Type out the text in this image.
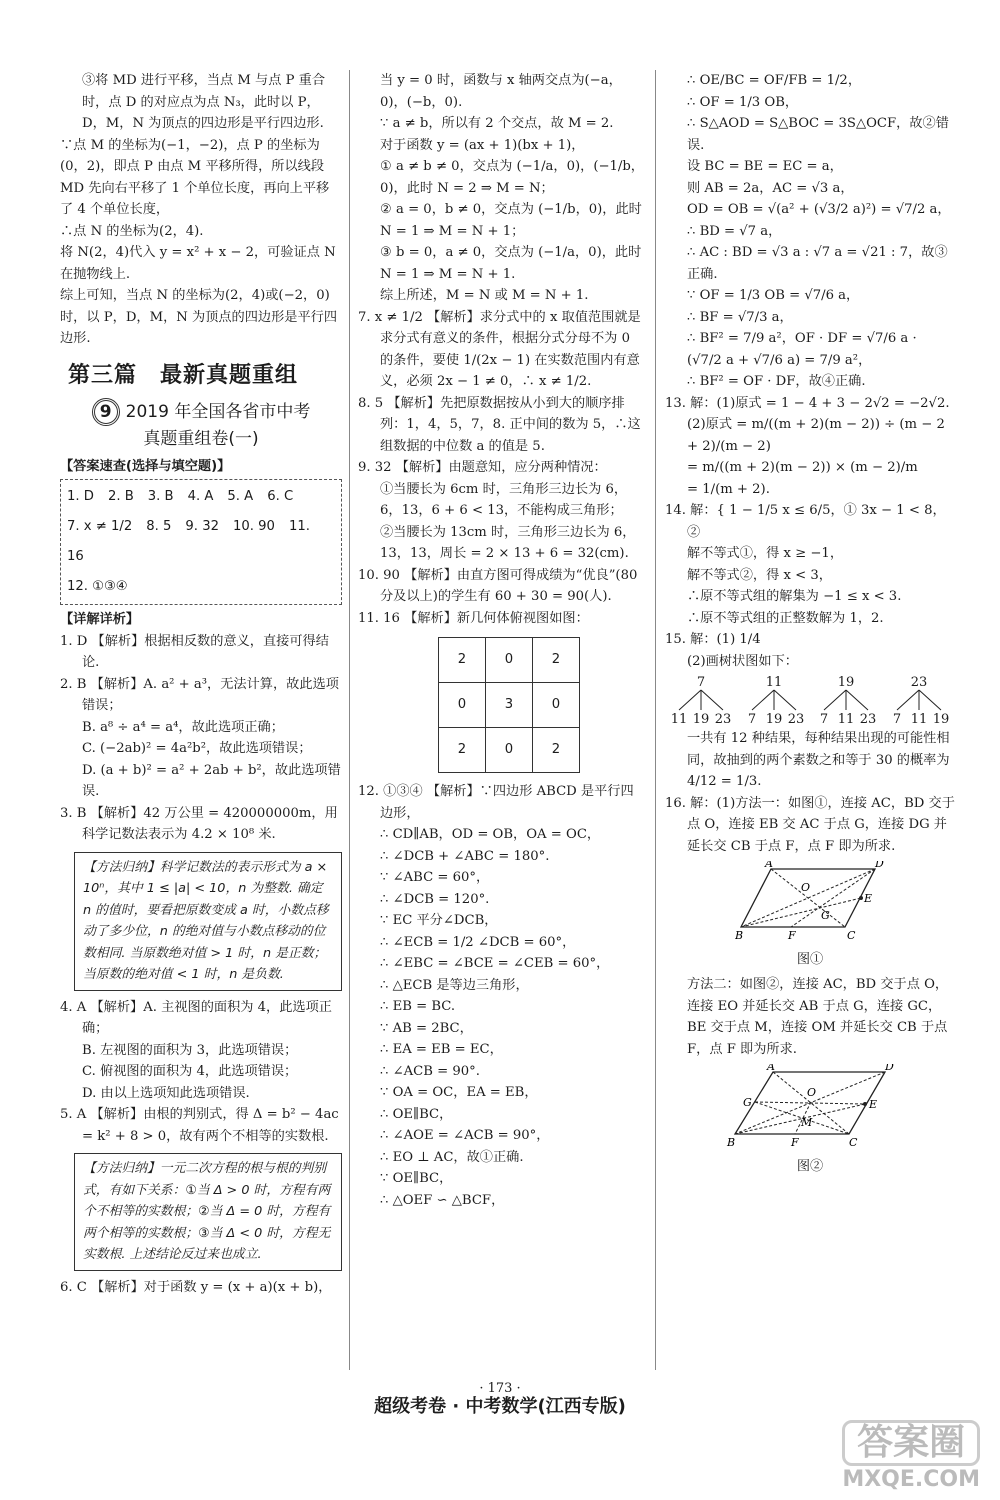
③将 MD 进行平移，当点 M 与点 P 重合时，点 D 的对应点为点 N₃，此时以 P，D，M，N 为顶点的四边形是平行四边形.

∵点 M 的坐标为(−1，−2)，点 P 的坐标为(0，2)，即点 P 由点 M 平移所得，所以线段 MD 先向右平移了 1 个单位长度，再向上平移了 4 个单位长度，

∴点 N 的坐标为(2，4).

将 N(2，4)代入 y = x² + x − 2，可验证点 N 在抛物线上.

综上可知，当点 N 的坐标为(2，4)或(−2，0)时，以 P，D，M，N 为顶点的四边形是平行四边形.

第三篇　最新真题重组
9 2019 年全国各省市中考
真题重组卷(一)
【答案速查(选择与填空题)】
1. D 2. B 3. B 4. A 5. A 6. C
7. x ≠ 1/2 8. 5 9. 32 10. 90 11. 16
12. ①③④
【详解详析】

1. D 【解析】根据相反数的意义，直接可得结论.

2. B 【解析】A. a² + a³，无法计算，故此选项错误；

B. a⁸ ÷ a⁴ = a⁴，故此选项正确；

C. (−2ab)² = 4a²b²，故此选项错误；

D. (a + b)² = a² + 2ab + b²，故此选项错误.

3. B 【解析】42 万公里 = 420000000m，用科学记数法表示为 4.2 × 10⁸ 米.

【方法归纳】科学记数法的表示形式为 a × 10ⁿ，其中 1 ≤ |a| < 10，n 为整数. 确定 n 的值时，要看把原数变成 a 时，小数点移动了多少位，n 的绝对值与小数点移动的位数相同. 当原数绝对值 > 1 时，n 是正数；当原数的绝对值 < 1 时，n 是负数.

4. A 【解析】A. 主视图的面积为 4，此选项正确；

B. 左视图的面积为 3，此选项错误；

C. 俯视图的面积为 4，此选项错误；

D. 由以上选项知此选项错误.

5. A 【解析】由根的判别式，得 Δ = b² − 4ac = k² + 8 > 0，故有两个不相等的实数根.

【方法归纳】一元二次方程的根与根的判别式，有如下关系：①当 Δ > 0 时，方程有两个不相等的实数根；②当 Δ = 0 时，方程有两个相等的实数根；③当 Δ < 0 时，方程无实数根. 上述结论反过来也成立.

6. C 【解析】对于函数 y = (x + a)(x + b)，

当 y = 0 时，函数与 x 轴两交点为(−a，0)，(−b，0).

∵ a ≠ b，所以有 2 个交点，故 M = 2.

对于函数 y = (ax + 1)(bx + 1)，

① a ≠ b ≠ 0，交点为 (−1/a，0)，(−1/b，0)，此时 N = 2 ⇒ M = N；

② a = 0，b ≠ 0，交点为 (−1/b，0)，此时 N = 1 ⇒ M = N + 1；

③ b = 0，a ≠ 0，交点为 (−1/a，0)，此时 N = 1 ⇒ M = N + 1.

综上所述，M = N 或 M = N + 1.

7. x ≠ 1/2 【解析】求分式中的 x 取值范围就是求分式有意义的条件，根据分式分母不为 0 的条件，要使 1/(2x − 1) 在实数范围内有意义，必须 2x − 1 ≠ 0，∴ x ≠ 1/2.

8. 5 【解析】先把原数据按从小到大的顺序排列：1，4，5，7，8. 正中间的数为 5，∴这组数据的中位数 a 的值是 5.

9. 32 【解析】由题意知，应分两种情况：

①当腰长为 6cm 时，三角形三边长为 6，6，13，6 + 6 < 13，不能构成三角形；

②当腰长为 13cm 时，三角形三边长为 6，13，13，周长 = 2 × 13 + 6 = 32(cm).

10. 90 【解析】由直方图可得成绩为“优良”(80 分及以上)的学生有 60 + 30 = 90(人).

11. 16 【解析】新几何体俯视图如图：

2	0	2
0	3	0
2	0	2

12. ①③④ 【解析】∵四边形 ABCD 是平行四边形，

∴ CD∥AB，OD = OB，OA = OC，

∴ ∠DCB + ∠ABC = 180°.

∵ ∠ABC = 60°，

∴ ∠DCB = 120°.

∵ EC 平分∠DCB，

∴ ∠ECB = 1/2 ∠DCB = 60°，

∴ ∠EBC = ∠BCE = ∠CEB = 60°，

∴ △ECB 是等边三角形，

∴ EB = BC.

∵ AB = 2BC，

∴ EA = EB = EC，

∴ ∠ACB = 90°.

∵ OA = OC，EA = EB，

∴ OE∥BC，

∴ ∠AOE = ∠ACB = 90°，

∴ EO ⊥ AC，故①正确.

∵ OE∥BC，

∴ △OEF ∽ △BCF，

∴ OE/BC = OF/FB = 1/2，

∴ OF = 1/3 OB，

∴ S△AOD = S△BOC = 3S△OCF，故②错误.

设 BC = BE = EC = a，

则 AB = 2a，AC = √3 a，

OD = OB = √(a² + (√3/2 a)²) = √7/2 a，

∴ BD = √7 a，

∴ AC : BD = √3 a : √7 a = √21 : 7，故③正确.

∵ OF = 1/3 OB = √7/6 a，

∴ BF = √7/3 a，

∴ BF² = 7/9 a²，OF · DF = √7/6 a · (√7/2 a + √7/6 a) = 7/9 a²，

∴ BF² = OF · DF，故④正确.

13. 解：(1)原式 = 1 − 4 + 3 − 2√2 = −2√2.

(2)原式 = m/((m + 2)(m − 2)) ÷ (m − 2 + 2)/(m − 2)

= m/((m + 2)(m − 2)) × (m − 2)/m

= 1/(m + 2).

14. 解：{ 1 − 1/5 x ≤ 6/5，① 3x − 1 < 8，②

解不等式①，得 x ≥ −1，

解不等式②，得 x < 3，

∴原不等式组的解集为 −1 ≤ x < 3.

∴原不等式组的正整数解为 1，2.

15. 解：(1) 1/4

(2)画树状图如下：

7
11 19 23
11
7 19 23
19
7 11 23
23
7 11 19

一共有 12 种结果，每种结果出现的可能性相同，故抽到的两个素数之和等于 30 的概率为 4/12 = 1/3.

16. 解：(1)方法一：如图①，连接 AC，BD 交于点 O，连接 EB 交 AC 于点 G，连接 DG 并延长交 CB 于点 F，点 F 即为所求.

A	D
B	C
E
F
G
O
图①

方法二：如图②，连接 AC，BD 交于点 O，连接 EO 并延长交 AB 于点 G，连接 GC，BE 交于点 M，连接 OM 并延长交 CB 于点 F，点 F 即为所求.

A	D
B	C
E
F
G
O
M
图②
· 173 ·
超级考卷 · 中考数学(江西专版)
答案圈
MXQE.COM
